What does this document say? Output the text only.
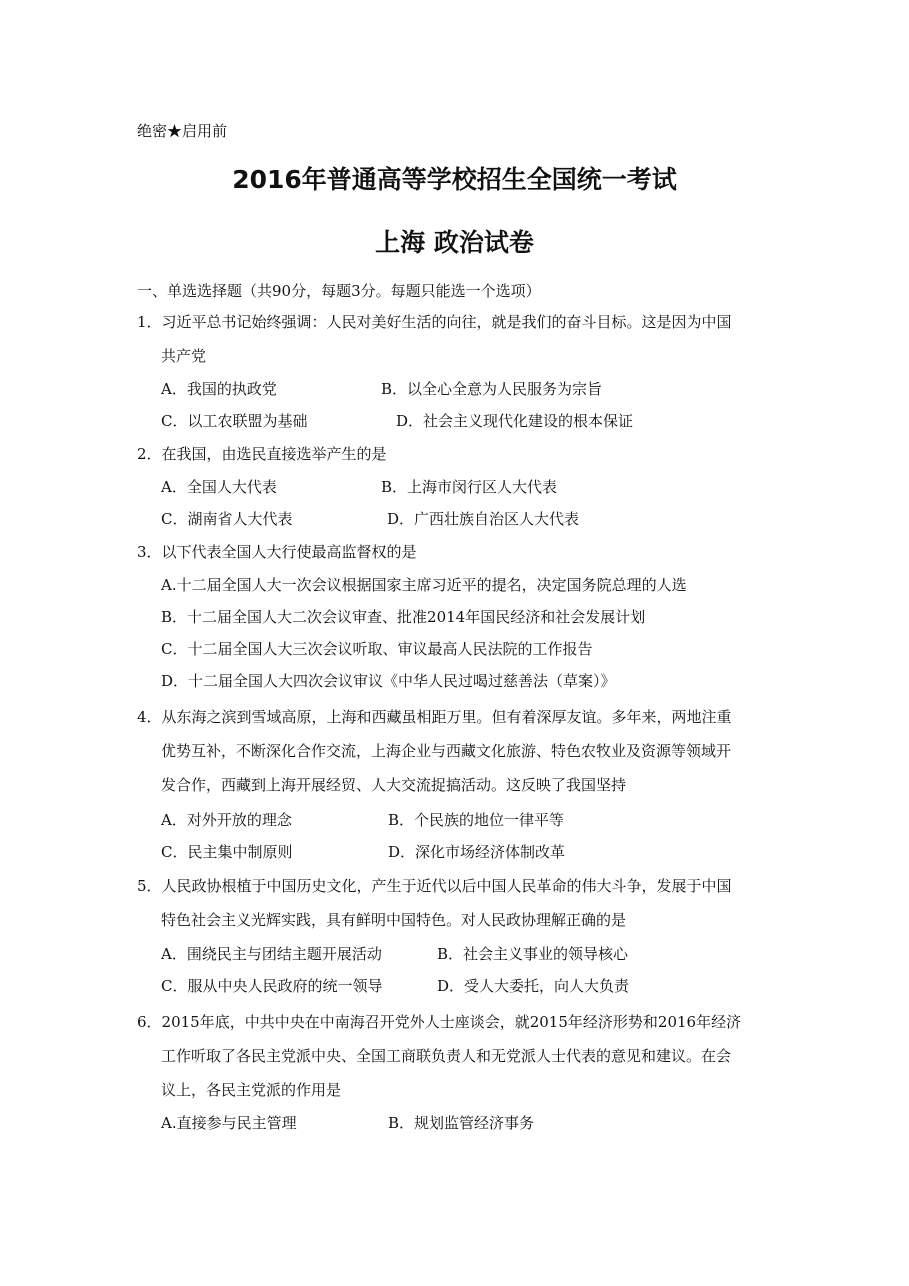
绝密★启用前
2016年普通高等学校招生全国统一考试
上海 政治试卷
一、单选选择题（共90分，每题3分。每题只能选一个选项）
1．习近平总书记始终强调：人民对美好生活的向往，就是我们的奋斗目标。这是因为中国
共产党
A．我国的执政党	B．以全心全意为人民服务为宗旨
C．以工农联盟为基础	D．社会主义现代化建设的根本保证
2．在我国，由选民直接选举产生的是
A．全国人大代表	B．上海市闵行区人大代表
C．湖南省人大代表	D．广西壮族自治区人大代表
3．以下代表全国人大行使最高监督权的是
A.十二届全国人大一次会议根据国家主席习近平的提名，决定国务院总理的人选
B．十二届全国人大二次会议审查、批准2014年国民经济和社会发展计划
C．十二届全国人大三次会议听取、审议最高人民法院的工作报告
D．十二届全国人大四次会议审议《中华人民过喝过慈善法（草案）》
4．从东海之滨到雪域高原，上海和西藏虽相距万里。但有着深厚友谊。多年来，两地注重
优势互补，不断深化合作交流，上海企业与西藏文化旅游、特色农牧业及资源等领域开
发合作，西藏到上海开展经贸、人大交流捉搞活动。这反映了我国坚持
A．对外开放的理念	B．个民族的地位一律平等
C．民主集中制原则	D．深化市场经济体制改革
5．人民政协根植于中国历史文化，产生于近代以后中国人民革命的伟大斗争，发展于中国
特色社会主义光辉实践，具有鲜明中国特色。对人民政协理解正确的是
A．围绕民主与团结主题开展活动	B．社会主义事业的领导核心
C．服从中央人民政府的统一领导	D．受人大委托，向人大负责
6．2015年底，中共中央在中南海召开党外人士座谈会，就2015年经济形势和2016年经济
工作听取了各民主党派中央、全国工商联负责人和无党派人士代表的意见和建议。在会
议上，各民主党派的作用是
A.直接参与民主管理	B．规划监管经济事务
